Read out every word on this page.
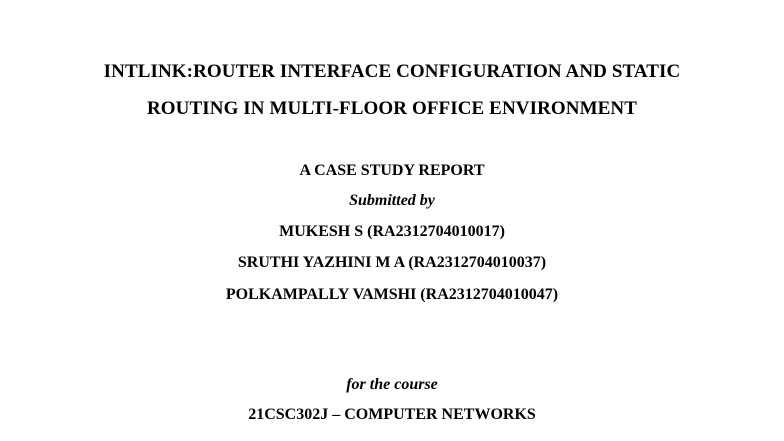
INTLINK:ROUTER INTERFACE CONFIGURATION AND STATIC
ROUTING IN MULTI-FLOOR OFFICE ENVIRONMENT
A CASE STUDY REPORT
Submitted by
MUKESH S (RA2312704010017)
SRUTHI YAZHINI M A (RA2312704010037)
POLKAMPALLY VAMSHI (RA2312704010047)
for the course
21CSC302J – COMPUTER NETWORKS
